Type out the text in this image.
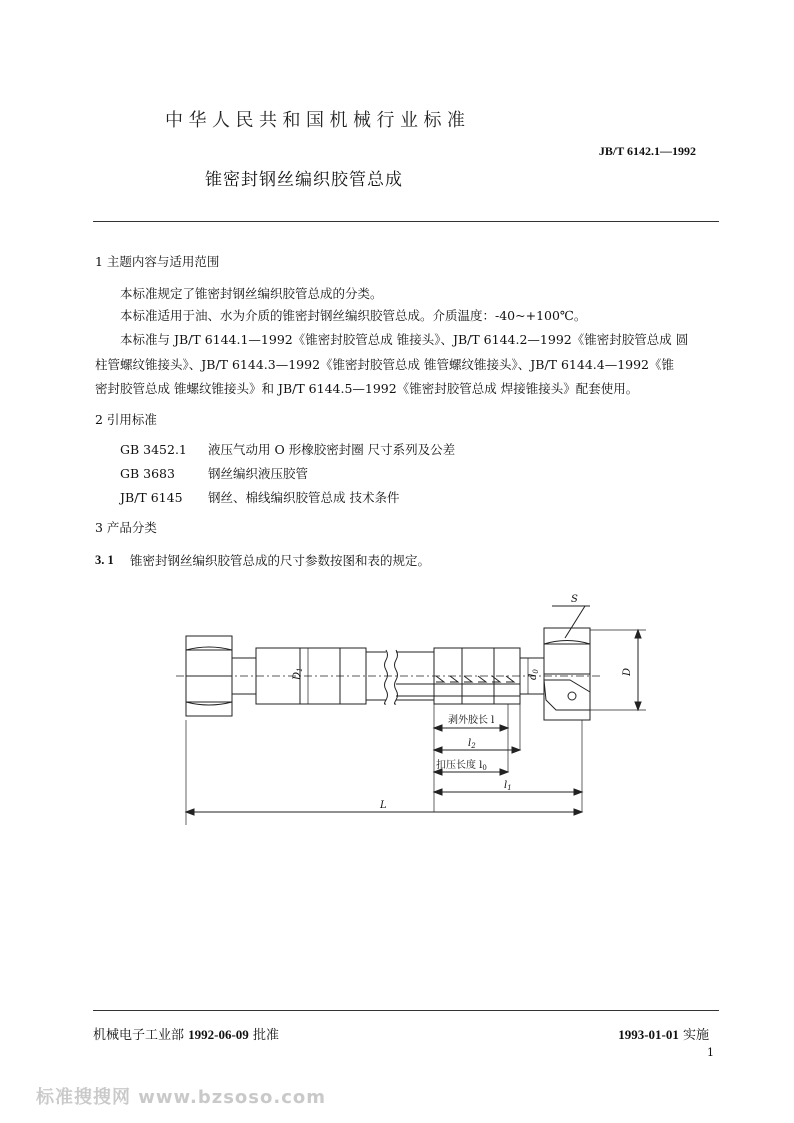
中华人民共和国机械行业标准
JB/T 6142.1—1992
锥密封钢丝编织胶管总成
1 主题内容与适用范围
本标准规定了锥密封钢丝编织胶管总成的分类。
本标准适用于油、水为介质的锥密封钢丝编织胶管总成。介质温度：-40~+100℃。
本标准与 JB/T 6144.1—1992《锥密封胶管总成 锥接头》、JB/T 6144.2—1992《锥密封胶管总成 圆
柱管螺纹锥接头》、JB/T 6144.3—1992《锥密封胶管总成 锥管螺纹锥接头》、JB/T 6144.4—1992《锥
密封胶管总成 锥螺纹锥接头》和 JB/T 6144.5—1992《锥密封胶管总成 焊接锥接头》配套使用。
2 引用标准
GB 3452.1 液压气动用 O 形橡胶密封圈 尺寸系列及公差
GB 3683	钢丝编织液压胶管
JB/T 6145 钢丝、棉线编织胶管总成 技术条件
3 产品分类
3. 1 锥密封钢丝编织胶管总成的尺寸参数按图和表的规定。
S
$D_1$
$d_0$	D
剥外胶长 l
$l_2$
扣压长度 $l_0$
$l_1$
L
机械电子工业部 1992-06-09 批准	1993-01-01 实施
1
标准搜搜网 www.bzsoso.com
